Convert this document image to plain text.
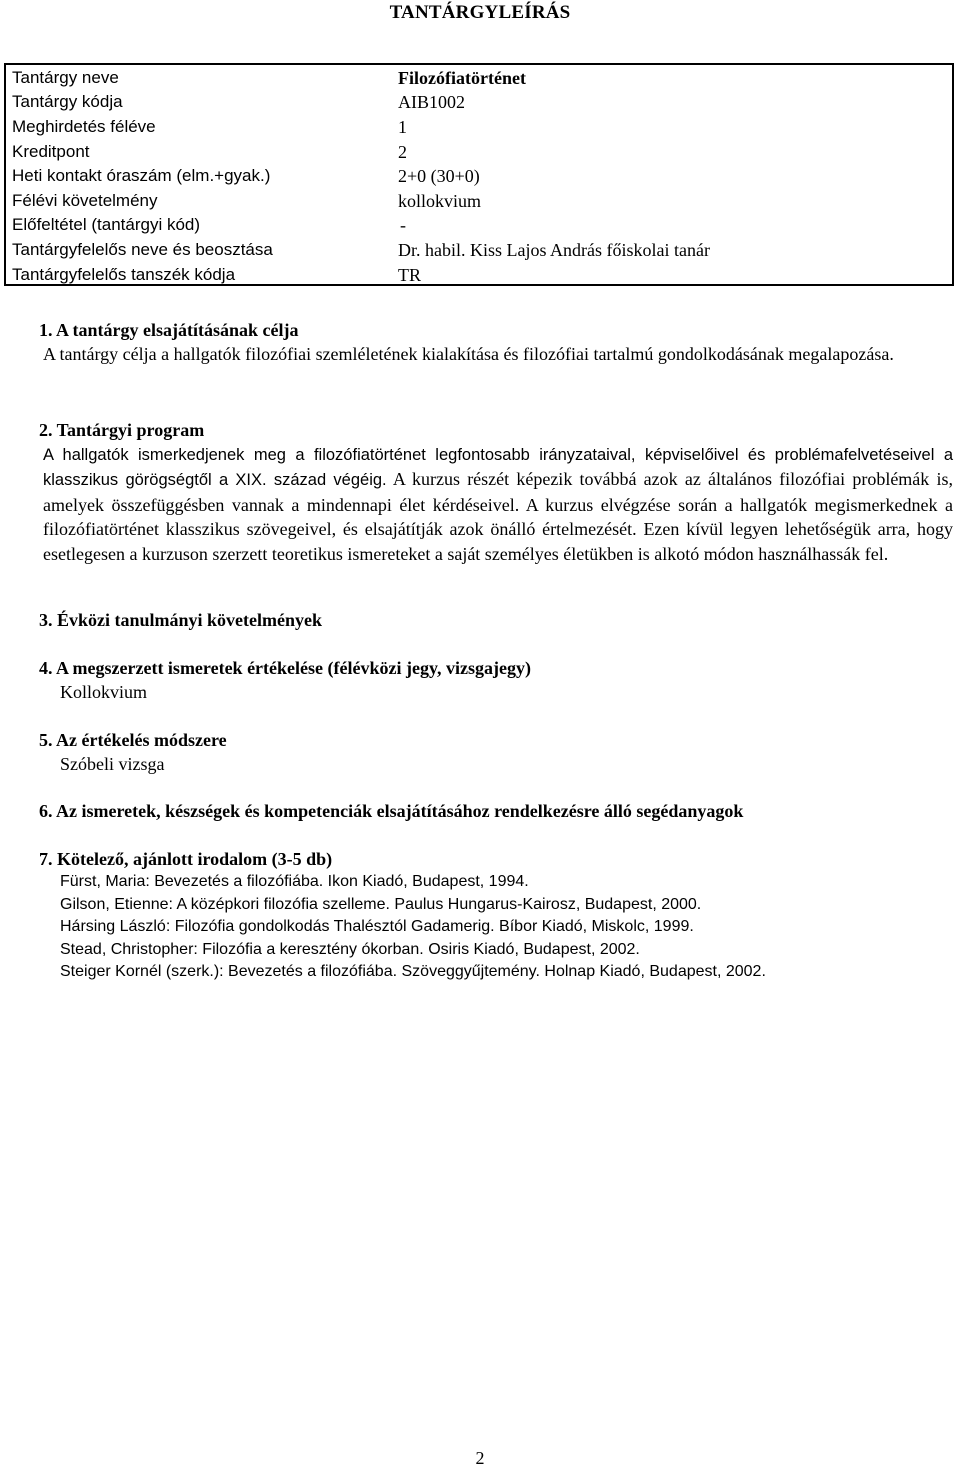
TANTÁRGYLEÍRÁS
Tantárgy neve	Filozófiatörténet
Tantárgy kódja	AIB1002
Meghirdetés féléve	1
Kreditpont	2
Heti kontakt óraszám (elm.+gyak.)	2+0 (30+0)
Félévi követelmény	kollokvium
Előfeltétel (tantárgyi kód)	-
Tantárgyfelelős neve és beosztása	Dr. habil. Kiss Lajos András főiskolai tanár
Tantárgyfelelős tanszék kódja	TR
1. A tantárgy elsajátításának célja
A tantárgy célja a hallgatók filozófiai szemléletének kialakítása és filozófiai tartalmú gondolkodásának megalapozása.
2. Tantárgyi program
A hallgatók ismerkedjenek meg a filozófiatörténet legfontosabb irányzataival, képviselőivel és problémafelvetéseivel a klasszikus görögségtől a XIX. század végéig. A kurzus részét képezik továbbá azok az általános filozófiai problémák is, amelyek összefüggésben vannak a mindennapi élet kérdéseivel. A kurzus elvégzése során a hallgatók megismerkednek a filozófiatörténet klasszikus szövegeivel, és elsajátítják azok önálló értelmezését. Ezen kívül legyen lehetőségük arra, hogy esetlegesen a kurzuson szerzett teoretikus ismereteket a saját személyes életükben is alkotó módon használhassák fel.
3. Évközi tanulmányi követelmények
4. A megszerzett ismeretek értékelése (félévközi jegy, vizsgajegy)
Kollokvium
5. Az értékelés módszere
Szóbeli vizsga
6. Az ismeretek, készségek és kompetenciák elsajátításához rendelkezésre álló segédanyagok
7. Kötelező, ajánlott irodalom (3-5 db)
Fürst, Maria: Bevezetés a filozófiába. Ikon Kiadó, Budapest, 1994.
Gilson, Etienne: A középkori filozófia szelleme. Paulus Hungarus-Kairosz, Budapest, 2000.
Hársing László: Filozófia gondolkodás Thalésztól Gadamerig. Bíbor Kiadó, Miskolc, 1999.
Stead, Christopher: Filozófia a keresztény ókorban. Osiris Kiadó, Budapest, 2002.
Steiger Kornél (szerk.): Bevezetés a filozófiába. Szöveggyűjtemény. Holnap Kiadó, Budapest, 2002.
2
